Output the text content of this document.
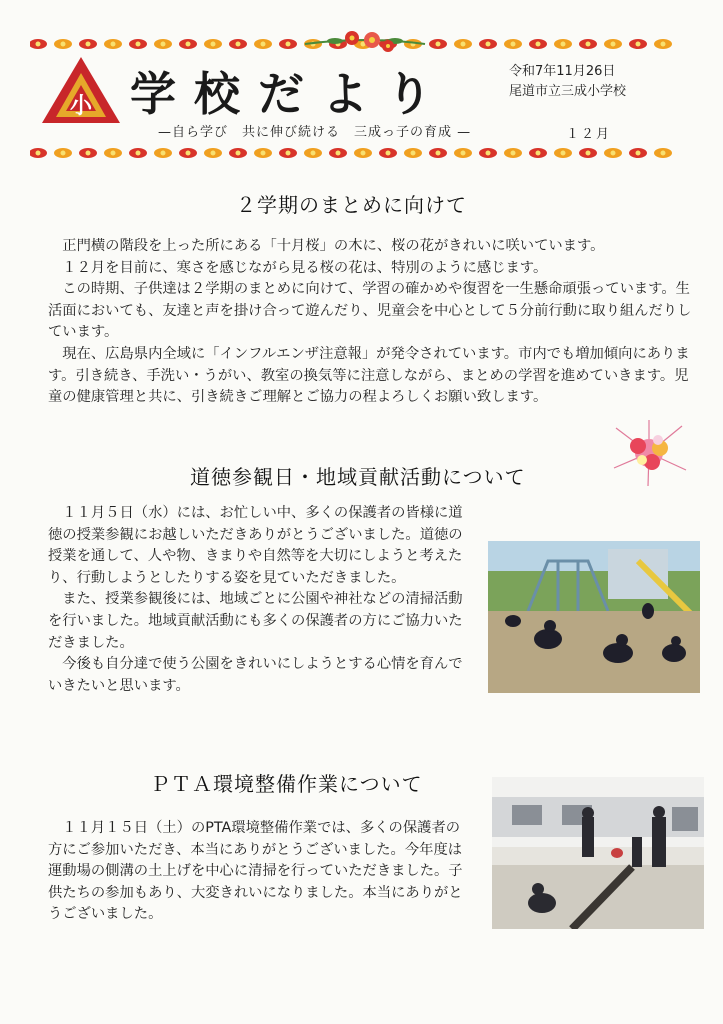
小 学校だより
—自ら学び　共に伸び続ける　三成っ子の育成 —
令和7年11月26日
尾道市立三成小学校
１２月
２学期のまとめに向けて
　正門横の階段を上った所にある「十月桜」の木に、桜の花がきれいに咲いています。
　１２月を目前に、寒さを感じながら見る桜の花は、特別のように感じます。
　この時期、子供達は２学期のまとめに向けて、学習の確かめや復習を一生懸命頑張っています。生活面においても、友達と声を掛け合って遊んだり、児童会を中心として５分前行動に取り組んだりしています。
　現在、広島県内全域に「インフルエンザ注意報」が発令されています。市内でも増加傾向にあります。引き続き、手洗い・うがい、教室の換気等に注意しながら、まとめの学習を進めていきます。児童の健康管理と共に、引き続きご理解とご協力の程よろしくお願い致します。
道徳参観日・地域貢献活動について
　１１月５日（水）には、お忙しい中、多くの保護者の皆様に道徳の授業参観にお越しいただきありがとうございました。道徳の授業を通して、人や物、きまりや自然等を大切にしようと考えたり、行動しようとしたりする姿を見ていただきました。
　また、授業参観後には、地域ごとに公園や神社などの清掃活動を行いました。地域貢献活動にも多くの保護者の方にご協力いただきました。
　今後も自分達で使う公園をきれいにしようとする心情を育んでいきたいと思います。
ＰＴＡ環境整備作業について
　１１月１５日（土）のPTA環境整備作業では、多くの保護者の方にご参加いただき、本当にありがとうございました。今年度は運動場の側溝の土上げを中心に清掃を行っていただきました。子供たちの参加もあり、大変きれいになりました。本当にありがとうございました。
